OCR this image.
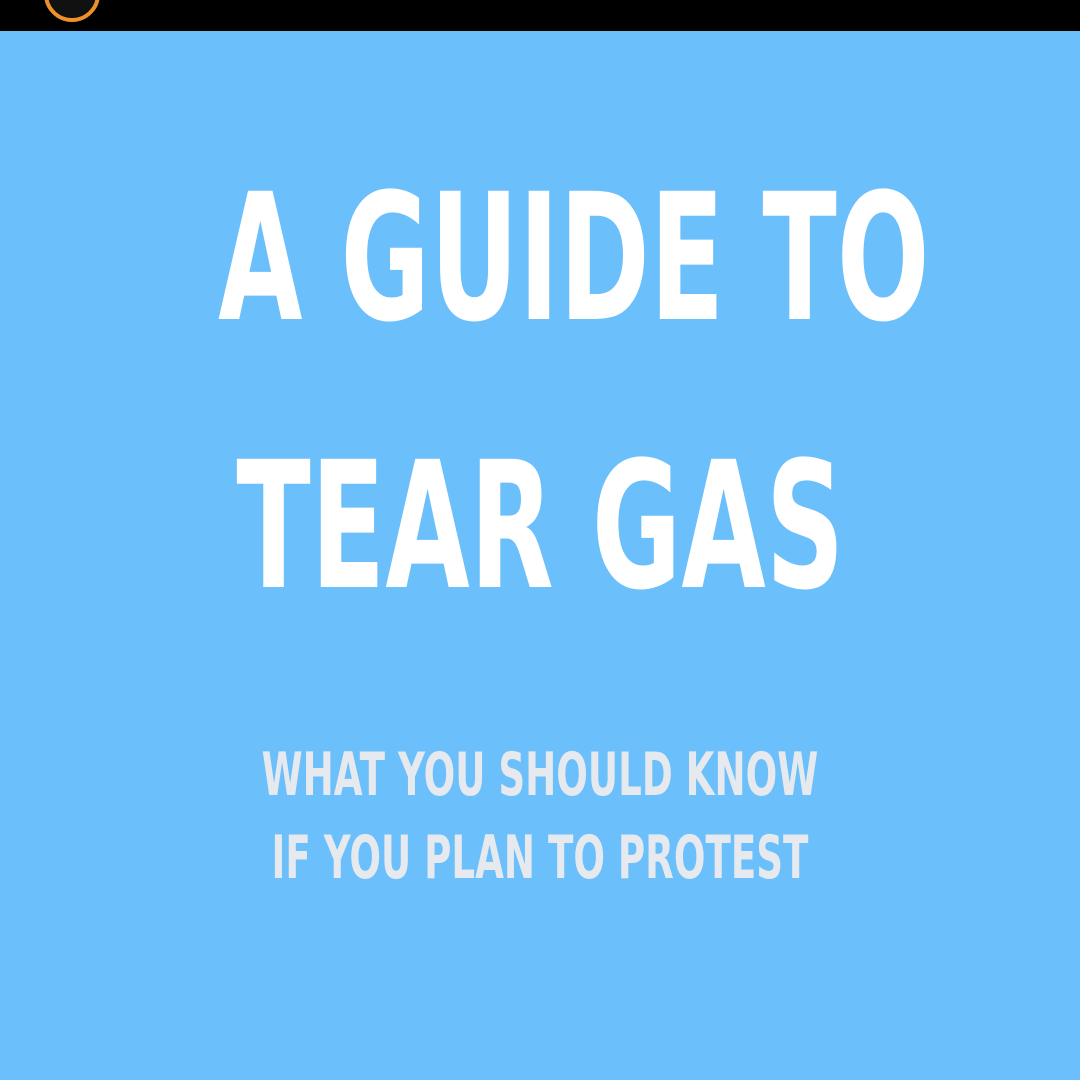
A GUIDE TO
TEAR GAS
WHAT YOU SHOULD KNOW
IF YOU PLAN TO PROTEST
